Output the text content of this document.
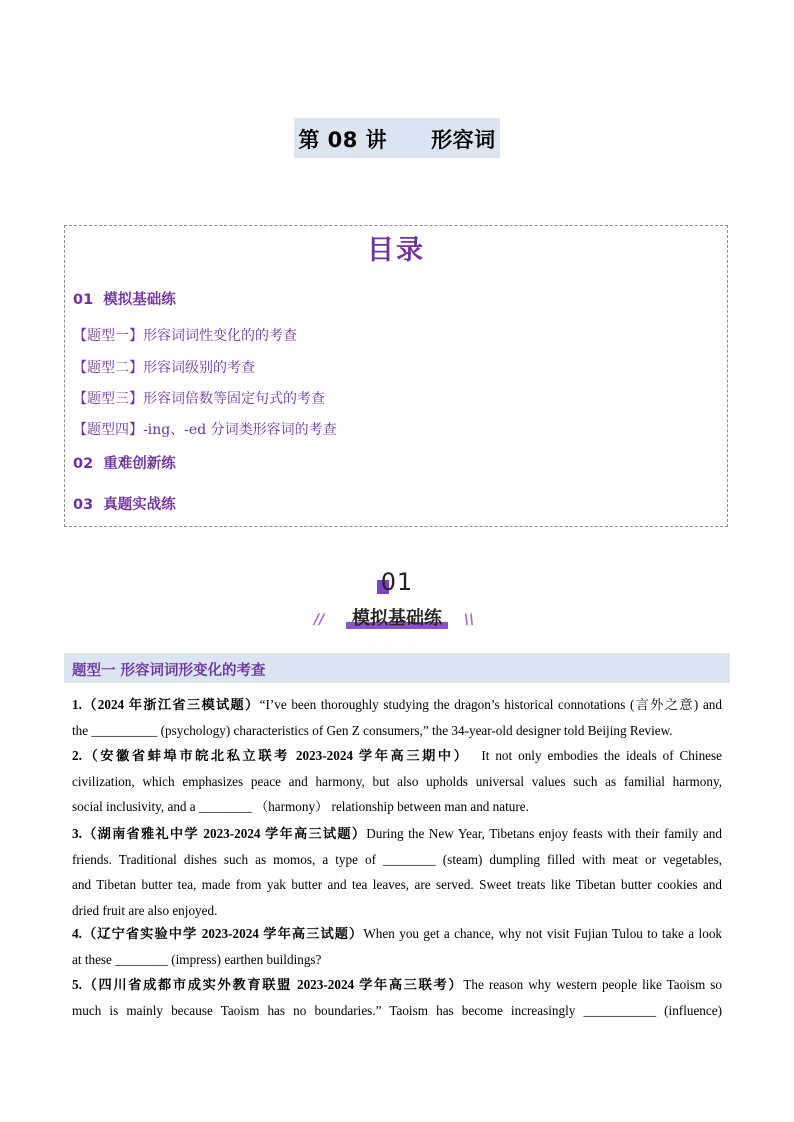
第 08 讲 形容词
目录
01 模拟基础练
【题型一】形容词词性变化的的考查
【题型二】形容词级别的考查
【题型三】形容词倍数等固定句式的考查
【题型四】-ing、-ed 分词类形容词的考查
02 重难创新练
03 真题实战练
01
//	模拟基础练	\\
题型一 形容词词形变化的考查
1.（2024 年浙江省三模试题）“I’ve been thoroughly studying the dragon’s historical connotations (言外之意) and
the __________ (psychology) characteristics of Gen Z consumers,” the 34-year-old designer told Beijing Review.
2.（安徽省蚌埠市皖北私立联考 2023-2024 学年高三期中） It not only embodies the ideals of Chinese
civilization, which emphasizes peace and harmony, but also upholds universal values such as familial harmony,
social inclusivity, and a ________ （harmony） relationship between man and nature.
3.（湖南省雅礼中学 2023-2024 学年高三试题）During the New Year, Tibetans enjoy feasts with their family and
friends. Traditional dishes such as momos, a type of ________ (steam) dumpling filled with meat or vegetables,
and Tibetan butter tea, made from yak butter and tea leaves, are served. Sweet treats like Tibetan butter cookies and
dried fruit are also enjoyed.
4.（辽宁省实验中学 2023-2024 学年高三试题）When you get a chance, why not visit Fujian Tulou to take a look
at these ________ (impress) earthen buildings?
5.（四川省成都市成实外教育联盟 2023-2024 学年高三联考）The reason why western people like Taoism so
much is mainly because Taoism has no boundaries.” Taoism has become increasingly ___________ (influence)
